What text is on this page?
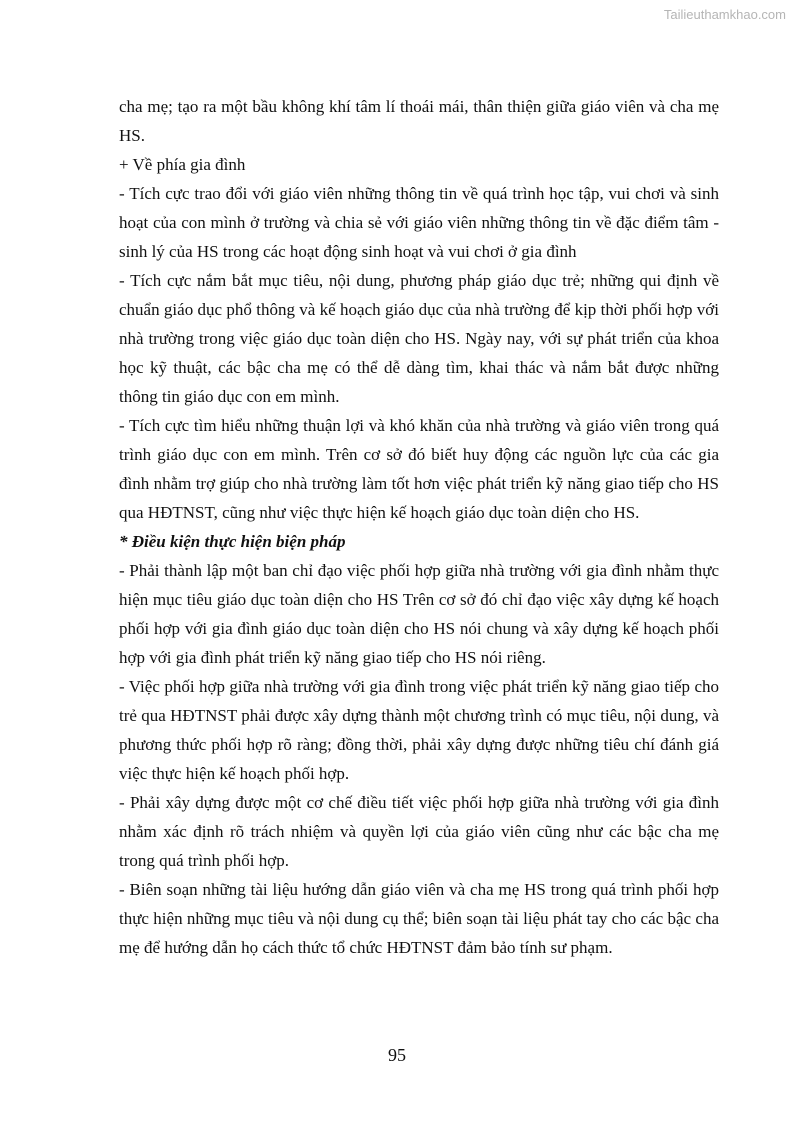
Tailieuthamkhao.com

cha mẹ; tạo ra một bầu không khí tâm lí thoái mái, thân thiện giữa giáo viên và cha mẹ HS.

+ Về phía gia đình

- Tích cực trao đổi với giáo viên những thông tin về quá trình học tập, vui chơi và sinh hoạt của con mình ở trường và chia sẻ với giáo viên những thông tin về đặc điểm tâm - sinh lý của HS trong các hoạt động sinh hoạt và vui chơi ở gia đình

- Tích cực nắm bắt mục tiêu, nội dung, phương pháp giáo dục trẻ; những qui định về chuẩn giáo dục phổ thông và kế hoạch giáo dục của nhà trường để kịp thời phối hợp với nhà trường trong việc giáo dục toàn diện cho HS. Ngày nay, với sự phát triển của khoa học kỹ thuật, các bậc cha mẹ có thể dễ dàng tìm, khai thác và nắm bắt được những thông tin giáo dục con em mình.

- Tích cực tìm hiểu những thuận lợi và khó khăn của nhà trường và giáo viên trong quá trình giáo dục con em mình. Trên cơ sở đó biết huy động các nguồn lực của các gia đình nhằm trợ giúp cho nhà trường làm tốt hơn việc phát triển kỹ năng giao tiếp cho HS qua HĐTNST, cũng như việc thực hiện kế hoạch giáo dục toàn diện cho HS.

* Điều kiện thực hiện biện pháp

- Phải thành lập một ban chỉ đạo việc phối hợp giữa nhà trường với gia đình nhằm thực hiện mục tiêu giáo dục toàn diện cho HS Trên cơ sở đó chỉ đạo việc xây dựng kế hoạch phối hợp với gia đình giáo dục toàn diện cho HS nói chung và xây dựng kế hoạch phối hợp với gia đình phát triển kỹ năng giao tiếp cho HS nói riêng.

- Việc phối hợp giữa nhà trường với gia đình trong việc phát triển kỹ năng giao tiếp cho trẻ qua HĐTNST phải được xây dựng thành một chương trình có mục tiêu, nội dung, và phương thức phối hợp rõ ràng; đồng thời, phải xây dựng được những tiêu chí đánh giá việc thực hiện kế hoạch phối hợp.

- Phải xây dựng được một cơ chế điều tiết việc phối hợp giữa nhà trường với gia đình nhằm xác định rõ trách nhiệm và quyền lợi của giáo viên cũng như các bậc cha mẹ trong quá trình phối hợp.

- Biên soạn những tài liệu hướng dẫn giáo viên và cha mẹ HS trong quá trình phối hợp thực hiện những mục tiêu và nội dung cụ thể; biên soạn tài liệu phát tay cho các bậc cha mẹ để hướng dẫn họ cách thức tổ chức HĐTNST đảm bảo tính sư phạm.

95
